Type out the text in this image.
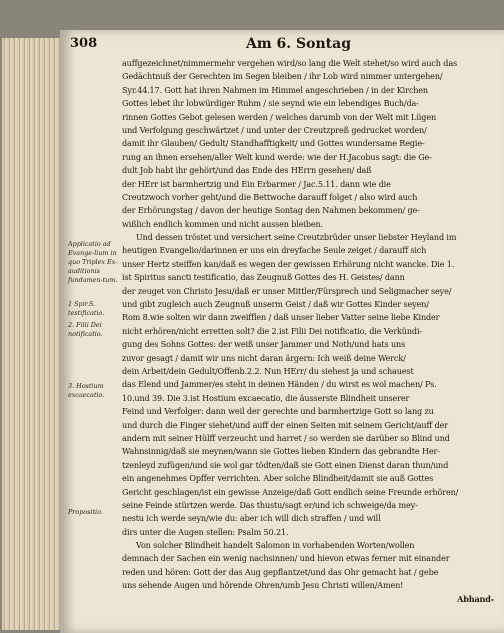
308	Am 6. Sontag
Applicatio ad Evange-lium in quo Triplex Ex-auditionis fundamen-tum.
1 Spir.S. testificatio.
2. Filii Dei notificatio.
3. Hostium excaecatio.
Propositio.
auffgezeichnet/nimmermehr vergehen wird/so lang die Welt stehet/so wird auch das
Gedächtnuß der Gerechten im Segen bleiben / ihr Lob wird nimmer untergehen/
Syr.44.17. Gott hat ihren Nahmen im Himmel angeschrieben / in der Kirchen
Gottes lebet ihr lobwürdiger Ruhm / sie seynd wie ein lebendiges Buch/da-
rinnen Gottes Gebot gelesen werden / welches darumb von der Welt mit Lügen
und Verfolgung geschwärtzet / und unter der Creutzpreß gedrucket worden/
damit ihr Glauben/ Gedult/ Standhafftigkeit/ und Gottes wundersame Regie-
rung an ihnen ersehen/aller Welt kund werde: wie der H.Jacobus sagt: die Ge-
dult Job habt ihr gehört/und das Ende des HErrn gesehen/ daß
der HErr ist barmhertzig und Ein Erbarmer / Jac.5.11. dann wie die
Creutzwoch vorher geht/und die Bettwoche darauff folget / also wird auch
der Erhörungstag / davon der heutige Sontag den Nahmen bekommen/ ge-
wißlich endlich kommen und nicht aussen bleiben.
Und dessen tröstet und versichert seine Creutzbrüder unser liebster Heyland im
heutigen Evangelio/darinnen er uns ein dreyfache Seule zeiget / darauff sich
unser Hertz steiffen kan/daß es wegen der gewissen Erhörung nicht wancke. Die 1.
ist Spiritus sancti testificatio, das Zeugnuß Gottes des H. Geistes/ dann
der zeuget von Christo Jesu/daß er unser Mittler/Fürsprech und Seligmacher seye/
und gibt zugleich auch Zeugnuß unserm Geist / daß wir Gottes Kinder seyen/
Rom 8.wie solten wir dann zweifflen / daß unser lieber Vatter seine liebe Kinder
nicht erhören/nicht erretten solt? die 2.ist Filii Dei notificatio, die Verkündi-
gung des Sohns Gottes: der weiß unser Jammer und Noth/und hats uns
zuvor gesagt / damit wir uns nicht daran ärgern: Ich weiß deine Werck/
dein Arbeit/dein Gedult/Offenb.2.2. Nun HErr/ du siehest ja und schauest
das Elend und Jammer/es steht in deinen Händen / du wirst es wol machen/ Ps.
10.und 39. Die 3.ist Hostium excaecatio, die äusserste Blindheit unserer
Feind und Verfolger: dann weil der gerechte und barmhertzige Gott so lang zu
und durch die Finger siehet/und auff der einen Seiten mit seinem Gericht/auff der
andern mit seiner Hülff verzeucht und harret / so werden sie darüber so Blind und
Wahnsinnig/daß sie meynen/wann sie Gottes lieben Kindern das gebrandte Her-
tzenleyd zufügen/und sie wol gar tödten/daß sie Gott einen Dienst daran thun/und
ein angenehmes Opffer verrichten. Aber solche Blindheit/damit sie auß Gottes
Gericht geschlagen/ist ein gewisse Anzeige/daß Gott endlich seine Freunde erhören/
seine Feinde stürtzen werde. Das thustu/sagt er/und ich schweige/da mey-
nestu ich werde seyn/wie du: aber ich will dich straffen / und will
dirs unter die Augen stellen: Psalm 50.21.
Von solcher Blindheit handelt Salomon in vorhabenden Worten/wollen
demnach der Sachen ein wenig nachsinnen/ und hievon etwas ferner mit einander
reden und hören: Gott der das Aug gepflantzet/und das Ohr gemacht hat / gebe
uns sehende Augen und hörende Ohren/umb Jesu Christi willen/Amen!
Abhand-
